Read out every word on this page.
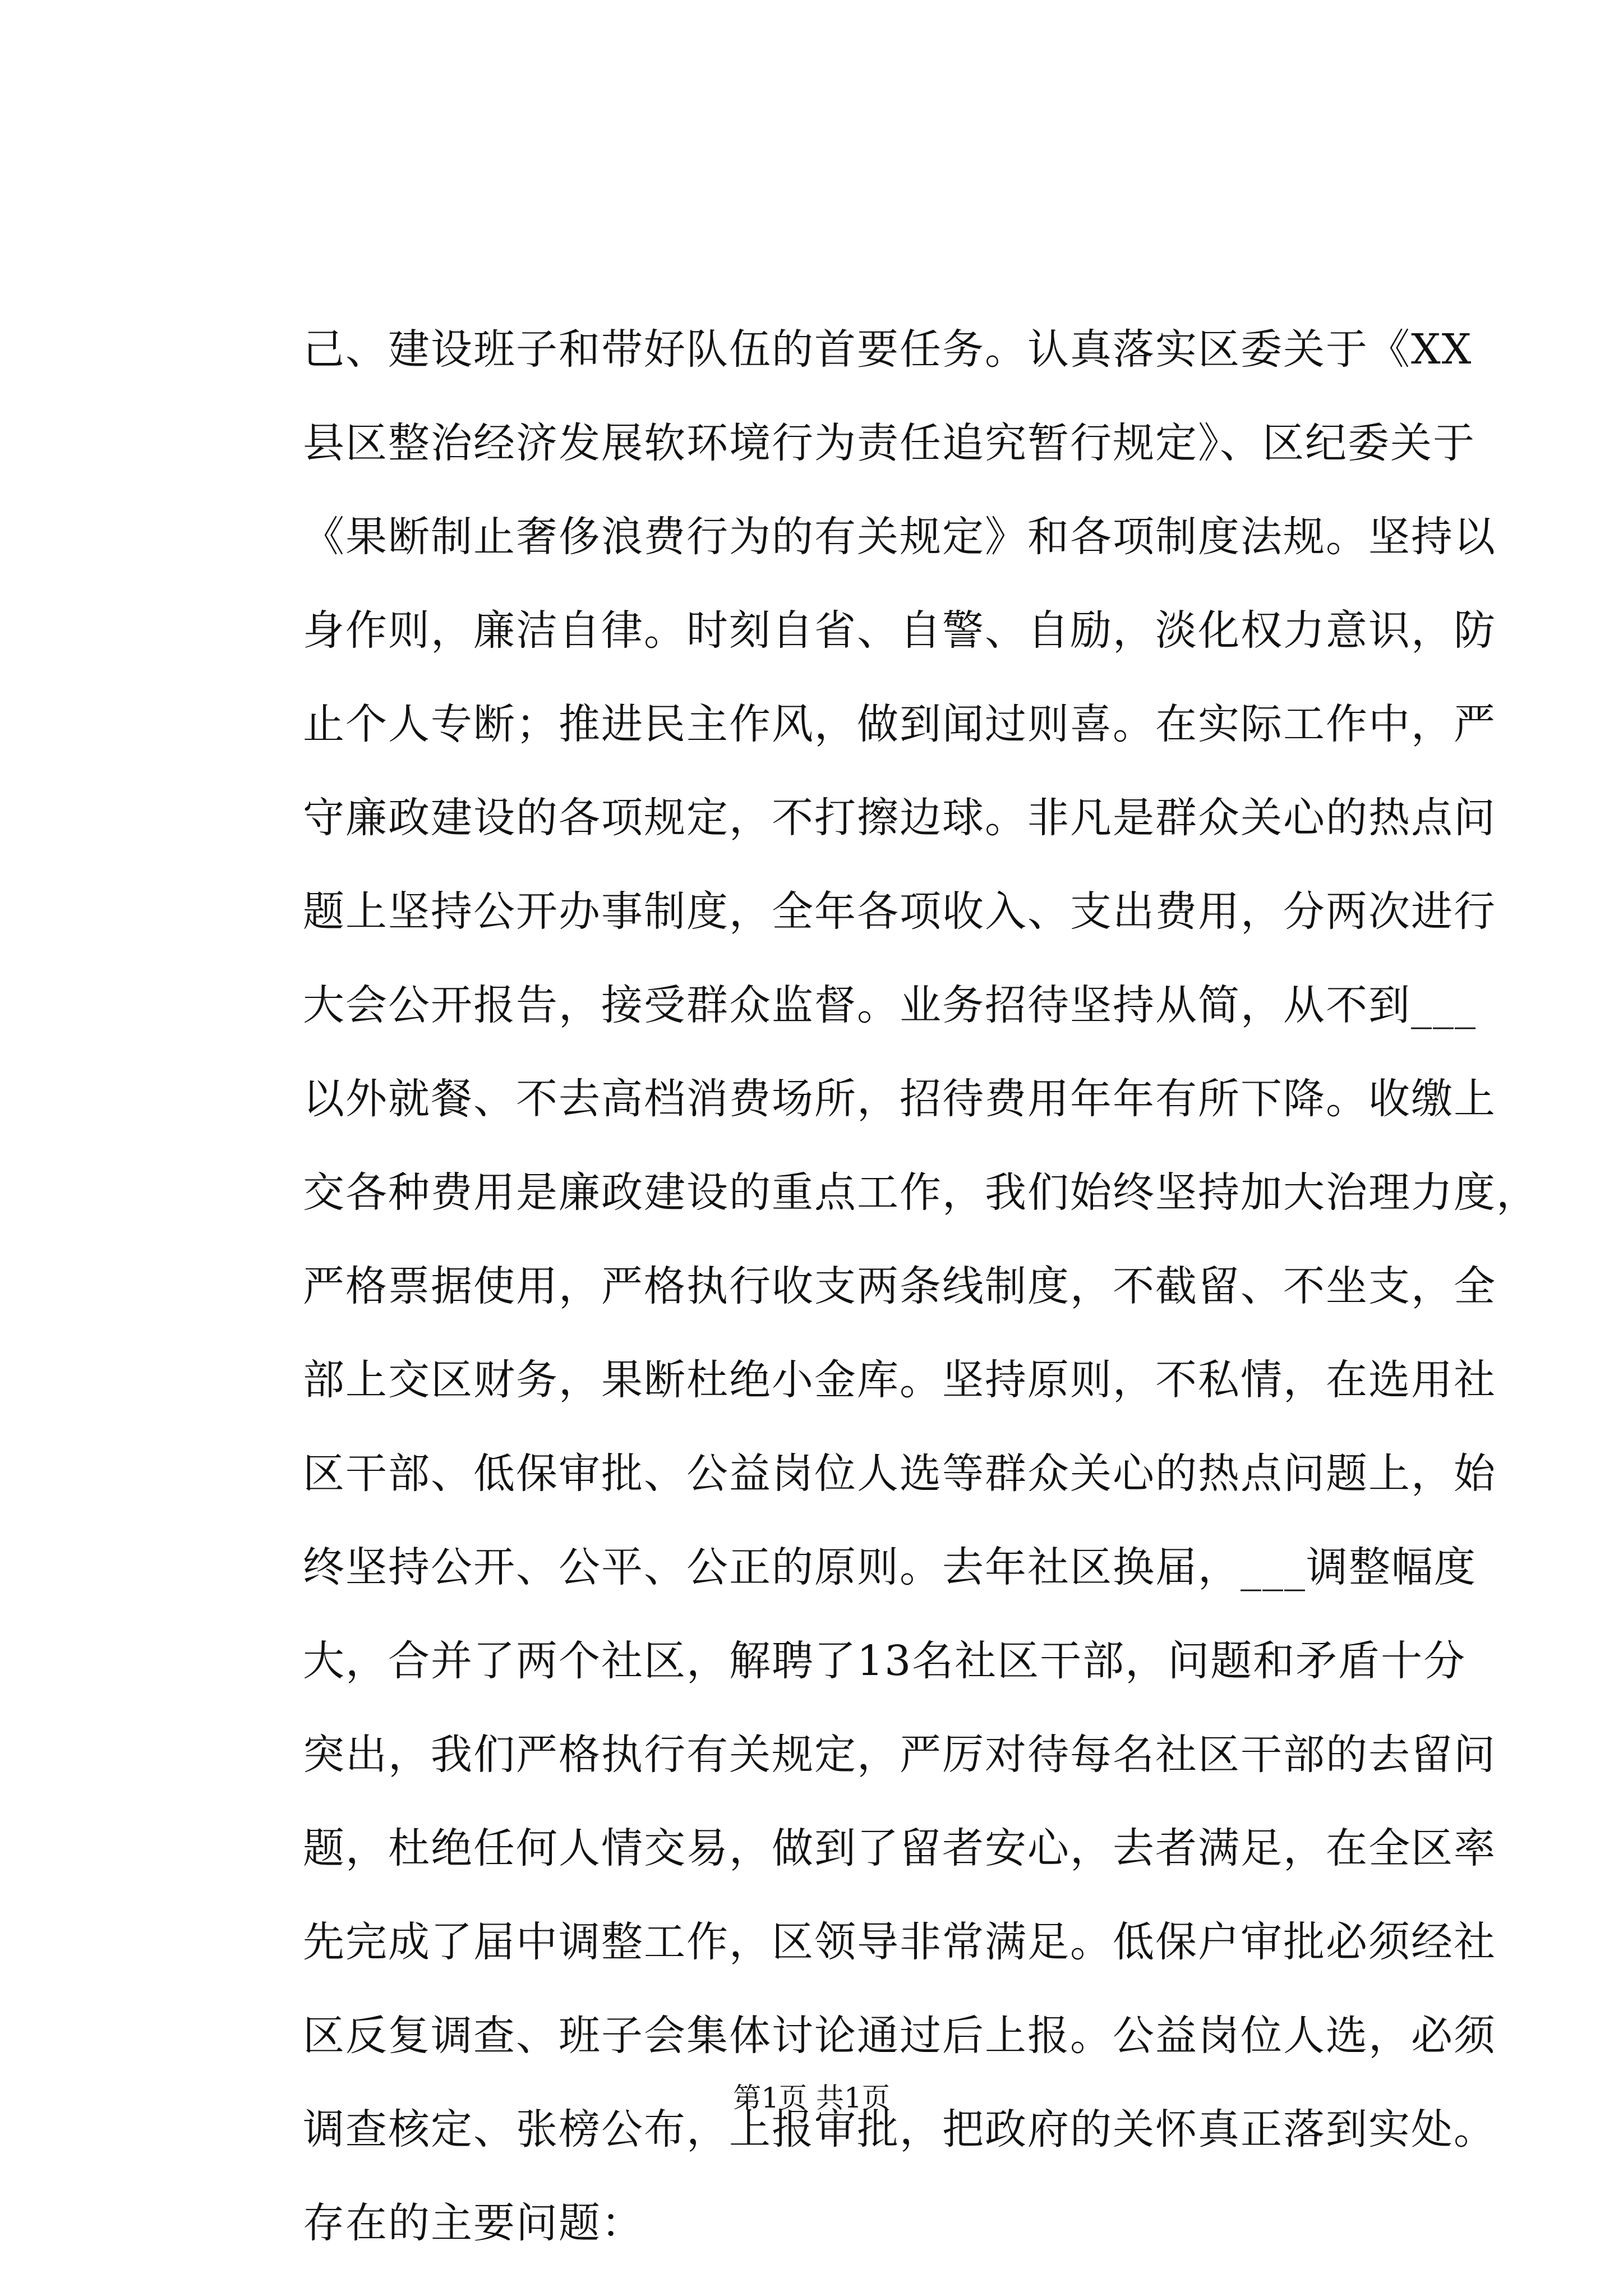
己、建设班子和带好队伍的首要任务。认真落实区委关于《XX
县区整治经济发展软环境行为责任追究暂行规定》、区纪委关于
《果断制止奢侈浪费行为的有关规定》和各项制度法规。坚持以
身作则，廉洁自律。时刻自省、自警、自励，淡化权力意识，防
止个人专断；推进民主作风，做到闻过则喜。在实际工作中，严
守廉政建设的各项规定，不打擦边球。非凡是群众关心的热点问
题上坚持公开办事制度，全年各项收入、支出费用，分两次进行
大会公开报告，接受群众监督。业务招待坚持从简，从不到___
以外就餐、不去高档消费场所，招待费用年年有所下降。收缴上
交各种费用是廉政建设的重点工作，我们始终坚持加大治理力度，
严格票据使用，严格执行收支两条线制度，不截留、不坐支，全
部上交区财务，果断杜绝小金库。坚持原则，不私情，在选用社
区干部、低保审批、公益岗位人选等群众关心的热点问题上，始
终坚持公开、公平、公正的原则。去年社区换届，___调整幅度
大，合并了两个社区，解聘了13名社区干部，问题和矛盾十分
突出，我们严格执行有关规定，严厉对待每名社区干部的去留问
题，杜绝任何人情交易，做到了留者安心，去者满足，在全区率
先完成了届中调整工作，区领导非常满足。低保户审批必须经社
区反复调查、班子会集体讨论通过后上报。公益岗位人选，必须
调查核定、张榜公布，上报审批，把政府的关怀真正落到实处。
存在的主要问题：
第1页 共1页
